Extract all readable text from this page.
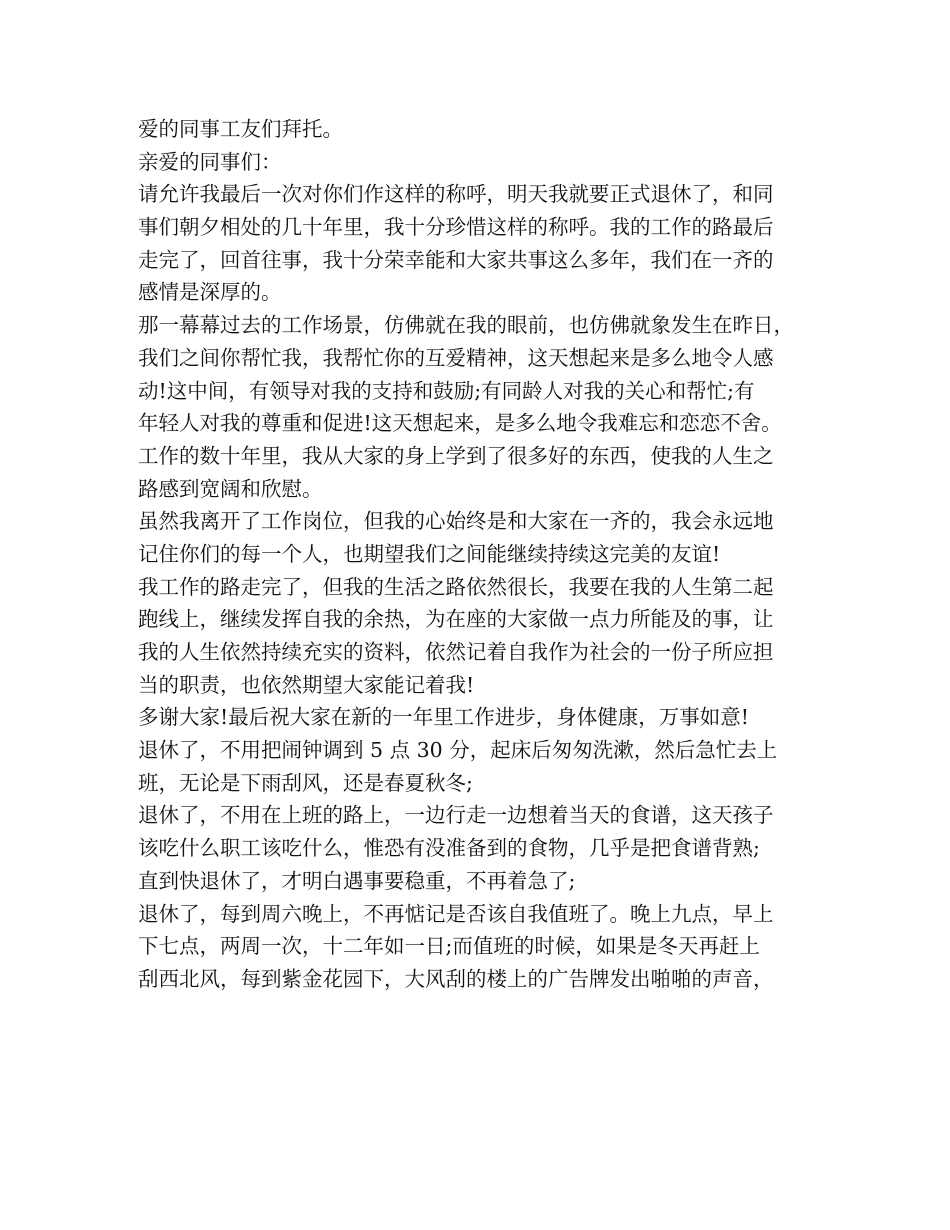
爱的同事工友们拜托。
亲爱的同事们：
请允许我最后一次对你们作这样的称呼，明天我就要正式退休了，和同
事们朝夕相处的几十年里，我十分珍惜这样的称呼。我的工作的路最后
走完了，回首往事，我十分荣幸能和大家共事这么多年，我们在一齐的
感情是深厚的。
那一幕幕过去的工作场景，仿佛就在我的眼前，也仿佛就象发生在昨日，
我们之间你帮忙我，我帮忙你的互爱精神，这天想起来是多么地令人感
动!这中间，有领导对我的支持和鼓励;有同龄人对我的关心和帮忙;有
年轻人对我的尊重和促进!这天想起来，是多么地令我难忘和恋恋不舍。
工作的数十年里，我从大家的身上学到了很多好的东西，使我的人生之
路感到宽阔和欣慰。
虽然我离开了工作岗位，但我的心始终是和大家在一齐的，我会永远地
记住你们的每一个人，也期望我们之间能继续持续这完美的友谊!
我工作的路走完了，但我的生活之路依然很长，我要在我的人生第二起
跑线上，继续发挥自我的余热，为在座的大家做一点力所能及的事，让
我的人生依然持续充实的资料，依然记着自我作为社会的一份子所应担
当的职责，也依然期望大家能记着我!
多谢大家!最后祝大家在新的一年里工作进步，身体健康，万事如意!
退休了，不用把闹钟调到 5 点 30 分，起床后匆匆洗漱，然后急忙去上
班，无论是下雨刮风，还是春夏秋冬;
退休了，不用在上班的路上，一边行走一边想着当天的食谱，这天孩子
该吃什么职工该吃什么，惟恐有没准备到的食物，几乎是把食谱背熟;
直到快退休了，才明白遇事要稳重，不再着急了;
退休了，每到周六晚上，不再惦记是否该自我值班了。晚上九点，早上
下七点，两周一次，十二年如一日;而值班的时候，如果是冬天再赶上
刮西北风，每到紫金花园下，大风刮的楼上的广告牌发出啪啪的声音，
